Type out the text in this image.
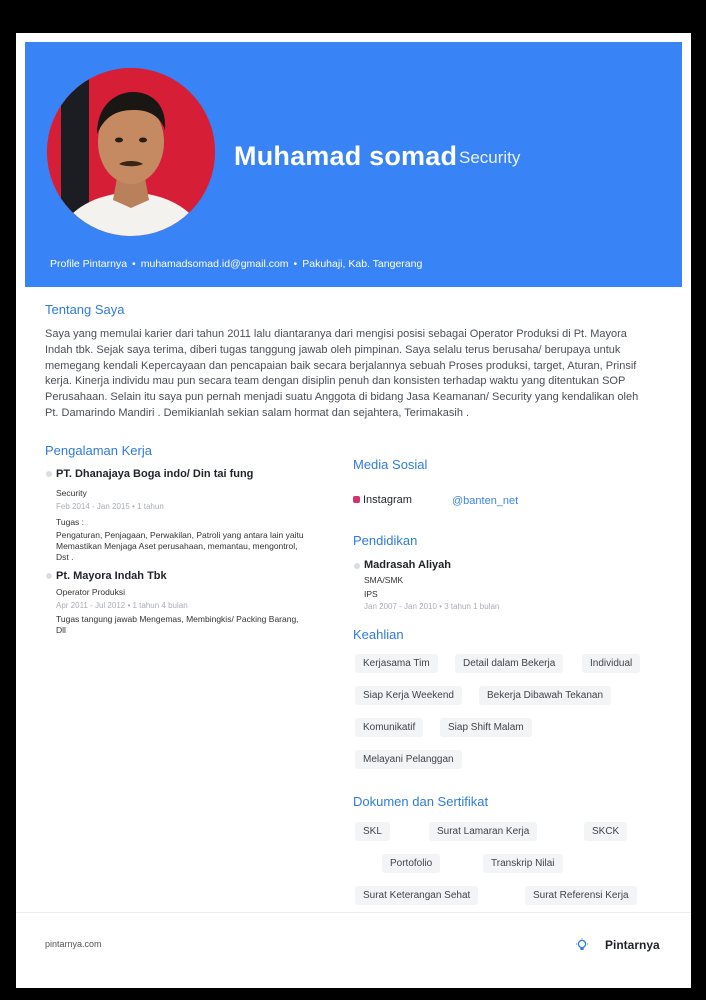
Muhamad somad Security
Profile Pintarnya • muhamadsomad.id@gmail.com • Pakuhaji, Kab. Tangerang
Tentang Saya

Saya yang memulai karier dari tahun 2011 lalu diantaranya dari mengisi posisi sebagai Operator Produksi di Pt. Mayora Indah tbk. Sejak saya terima, diberi tugas tanggung jawab oleh pimpinan. Saya selalu terus berusaha/ berupaya untuk memegang kendali Kepercayaan dan pencapaian baik secara berjalannya sebuah Proses produksi, target, Aturan, Prinsif kerja. Kinerja individu mau pun secara team dengan disiplin penuh dan konsisten terhadap waktu yang ditentukan SOP Perusahaan. Selain itu saya pun pernah menjadi suatu Anggota di bidang Jasa Keamanan/ Security yang kendalikan oleh Pt. Damarindo Mandiri . Demikianlah sekian salam hormat dan sejahtera, Terimakasih .

Pengalaman Kerja
PT. Dhanajaya Boga indo/ Din tai fung
Security
Feb 2014 - Jan 2015 • 1 tahun
Tugas :

Pengaturan, Penjagaan, Perwakilan, Patroli yang antara lain yaitu Memastikan Menjaga Aset perusahaan, memantau, mengontrol, Dst .

Pt. Mayora Indah Tbk
Operator Produksi
Apr 2011 - Jul 2012 • 1 tahun 4 bulan

Tugas tangung jawab Mengemas, Membingkis/ Packing Barang, Dll

Media Sosial
Instagram	@banten_net
Pendidikan
Madrasah Aliyah
SMA/SMK
IPS
Jan 2007 - Jan 2010 • 3 tahun 1 bulan
Keahlian
Kerjasama Tim	Detail dalam Bekerja	Individual
Siap Kerja Weekend	Bekerja Dibawah Tekanan
Komunikatif	Siap Shift Malam
Melayani Pelanggan
Dokumen dan Sertifikat
SKL	Surat Lamaran Kerja	SKCK
Portofolio	Transkrip Nilai
Surat Keterangan Sehat	Surat Referensi Kerja
pintarnya.com	Pintarnya
